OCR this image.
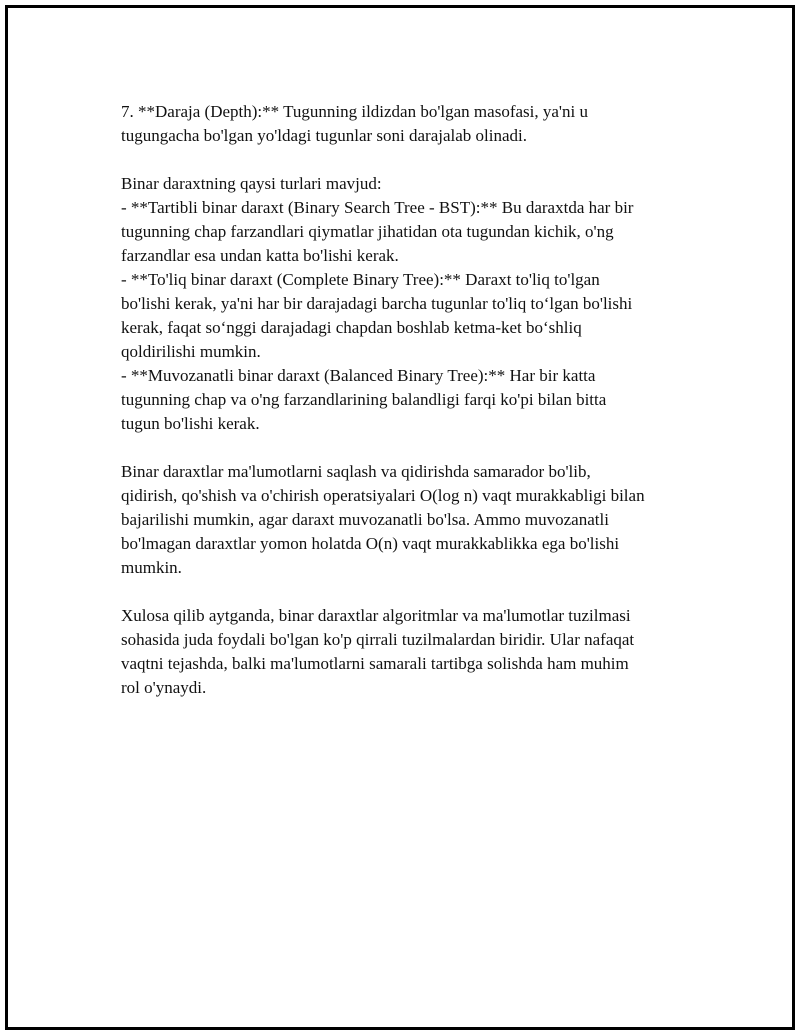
7. **Daraja (Depth):** Tugunning ildizdan bo'lgan masofasi, ya'ni u
tugungacha bo'lgan yo'ldagi tugunlar soni darajalab olinadi.
Binar daraxtning qaysi turlari mavjud:
- **Tartibli binar daraxt (Binary Search Tree - BST):** Bu daraxtda har bir
tugunning chap farzandlari qiymatlar jihatidan ota tugundan kichik, o'ng
farzandlar esa undan katta bo'lishi kerak.
- **To'liq binar daraxt (Complete Binary Tree):** Daraxt to'liq to'lgan
bo'lishi kerak, ya'ni har bir darajadagi barcha tugunlar to'liq to‘lgan bo'lishi
kerak, faqat so‘nggi darajadagi chapdan boshlab ketma-ket bo‘shliq
qoldirilishi mumkin.
- **Muvozanatli binar daraxt (Balanced Binary Tree):** Har bir katta
tugunning chap va o'ng farzandlarining balandligi farqi ko'pi bilan bitta
tugun bo'lishi kerak.
Binar daraxtlar ma'lumotlarni saqlash va qidirishda samarador bo'lib,
qidirish, qo'shish va o'chirish operatsiyalari O(log n) vaqt murakkabligi bilan
bajarilishi mumkin, agar daraxt muvozanatli bo'lsa. Ammo muvozanatli
bo'lmagan daraxtlar yomon holatda O(n) vaqt murakkablikka ega bo'lishi
mumkin.
Xulosa qilib aytganda, binar daraxtlar algoritmlar va ma'lumotlar tuzilmasi
sohasida juda foydali bo'lgan ko'p qirrali tuzilmalardan biridir. Ular nafaqat
vaqtni tejashda, balki ma'lumotlarni samarali tartibga solishda ham muhim
rol o'ynaydi.
